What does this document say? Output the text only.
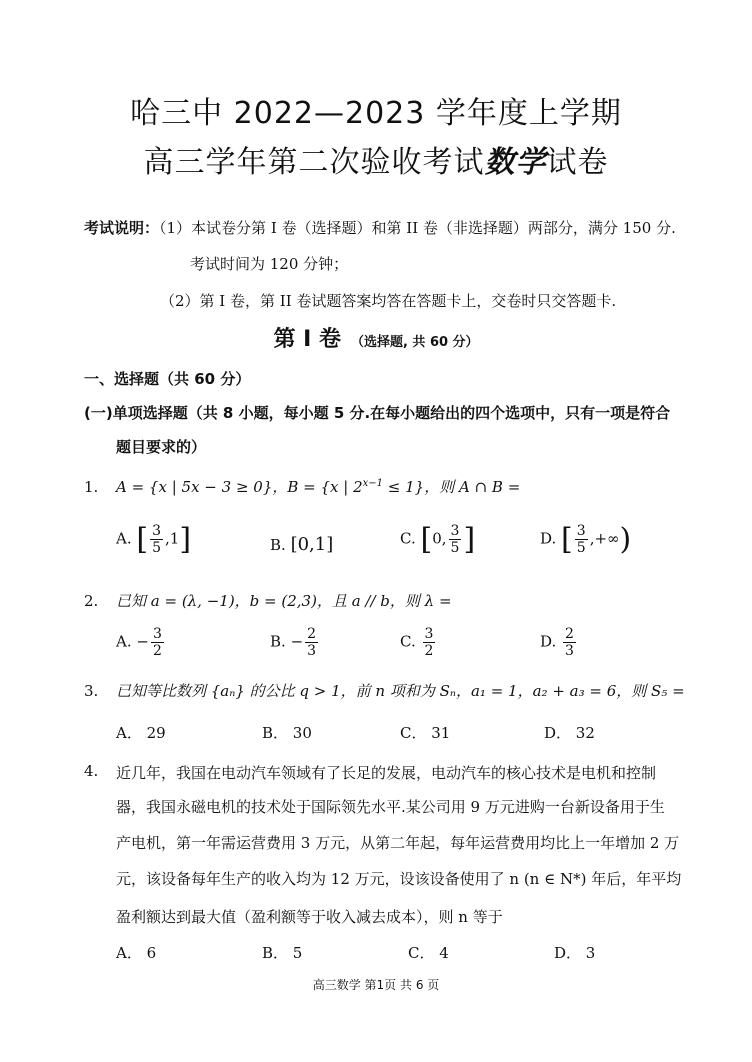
哈三中 2022—2023 学年度上学期
高三学年第二次验收考试数学试卷
考试说明：（1）本试卷分第 I 卷（选择题）和第 II 卷（非选择题）两部分，满分 150 分.
考试时间为 120 分钟；
（2）第 I 卷，第 II 卷试题答案均答在答题卡上，交卷时只交答题卡.
第 I 卷 （选择题, 共 60 分）
一、选择题（共 60 分）
(一)单项选择题（共 8 小题，每小题 5 分.在每小题给出的四个选项中，只有一项是符合
题目要求的）
1. A = {x | 5x − 3 ≥ 0}，B = {x | $2^{x-1} \le 1$}，则 A ∩ B =
A. [ $\frac{3}{5} ,1$]	B. [0,1]	C. [0, $\frac{3}{5}$ ]	D. [ $\frac{3}{5}$ ,+∞)
2. 已知 a = (λ, −1)，b = (2,3)，且 a // b，则 λ =
A. − $\frac{3}{2}$	B. − $\frac{2}{3}$	C. $\frac{3}{2}$	D. $\frac{2}{3}$
3. 已知等比数列 {aₙ} 的公比 q > 1，前 n 项和为 Sₙ，a₁ = 1，a₂ + a₃ = 6，则 S₅ =
A． 29	B． 30	C． 31	D． 32
4. 近几年，我国在电动汽车领域有了长足的发展，电动汽车的核心技术是电机和控制
器，我国永磁电机的技术处于国际领先水平.某公司用 9 万元进购一台新设备用于生
产电机，第一年需运营费用 3 万元，从第二年起，每年运营费用均比上一年增加 2 万
元，该设备每年生产的收入均为 12 万元，设该设备使用了 n (n ∈ N*) 年后，年平均
盈利额达到最大值（盈利额等于收入减去成本），则 n 等于
A． 6	B． 5	C． 4	D． 3
高三数学 第1页 共 6 页
